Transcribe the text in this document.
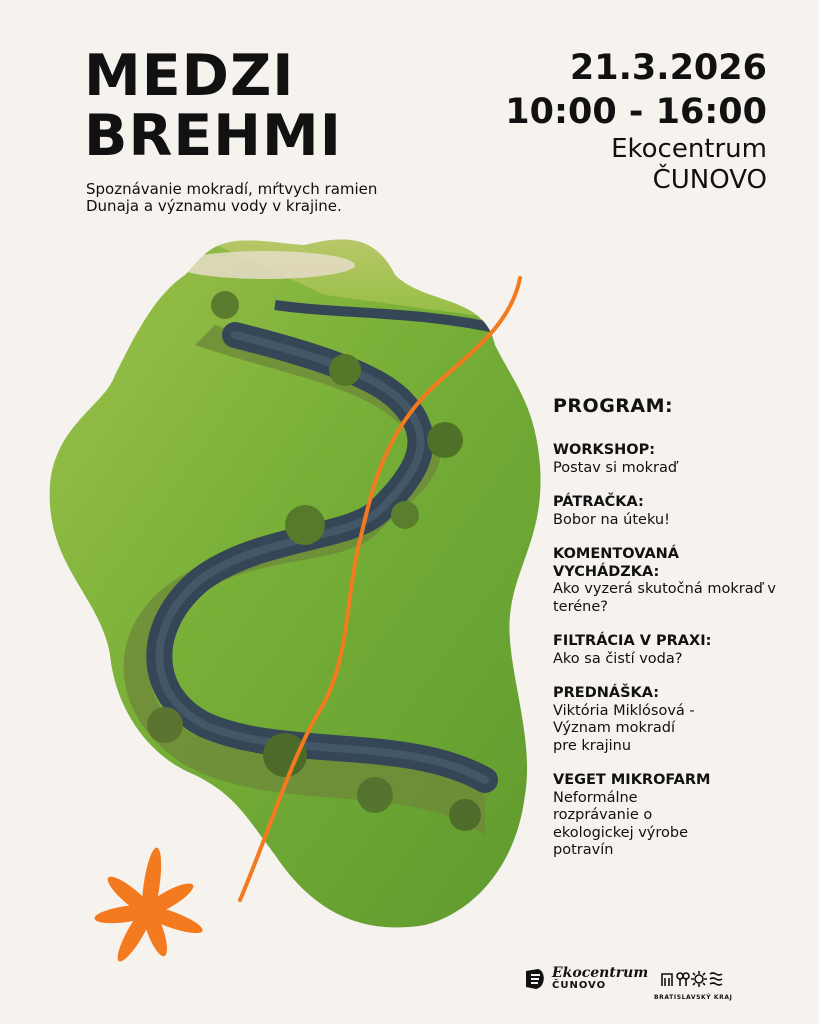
MEDZI
BREHMI
Spoznávanie mokradí, mŕtvych ramien Dunaja a významu vody v krajine.
21.3.2026
10:00 - 16:00
Ekocentrum
ČUNOVO
PROGRAM:
WORKSHOP:
Postav si mokraď
PÁTRAČKA:
Bobor na úteku!
KOMENTOVANÁ
VYCHÁDZKA:
Ako vyzerá skutočná mokraď v teréne?
FILTRÁCIA V PRAXI:
Ako sa čistí voda?
PREDNÁŠKA:
Viktória Miklósová -
Význam mokradí
pre krajinu
VEGET MIKROFARM
Neformálne
rozprávanie o
ekologickej výrobe
potravín
Ekocentrum
ČUNOVO
BRATISLAVSKÝ KRAJ
